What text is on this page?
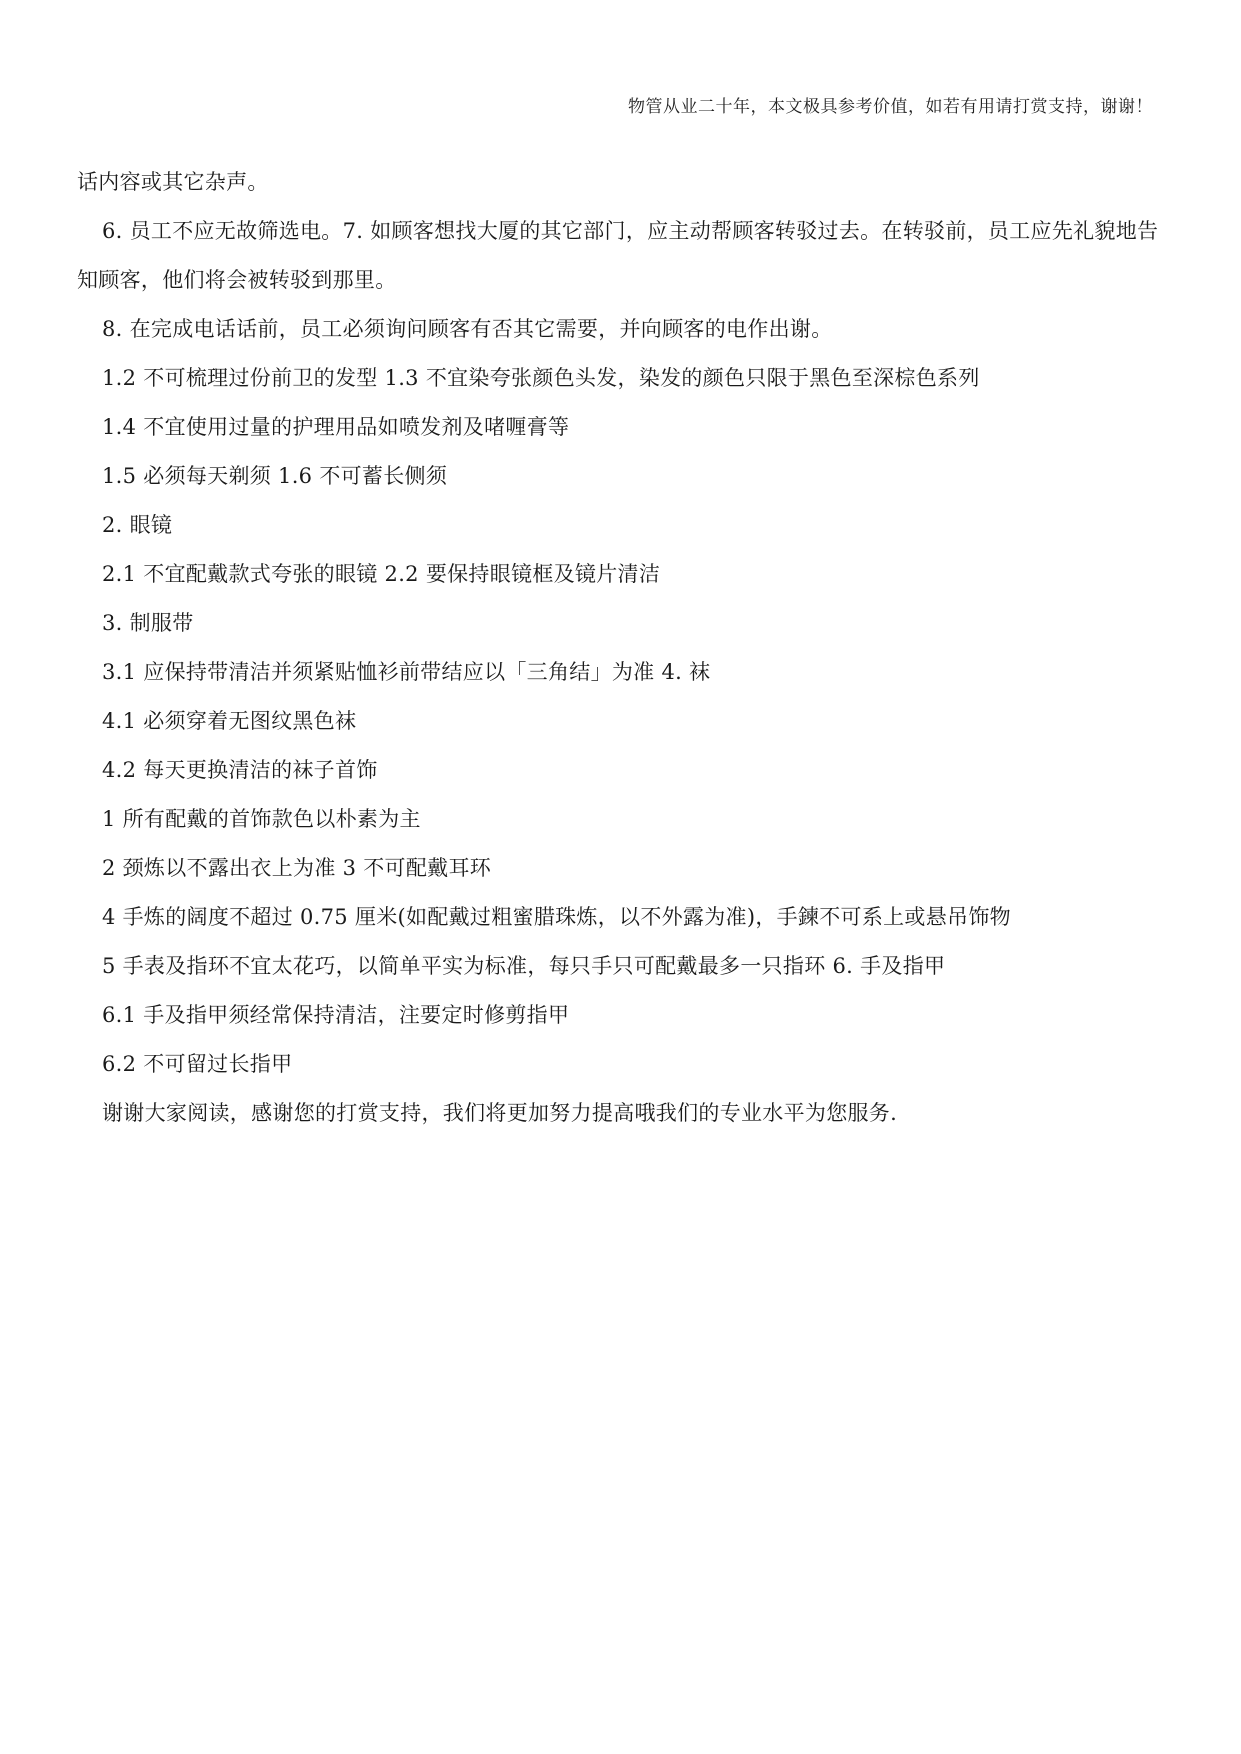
物管从业二十年，本文极具参考价值，如若有用请打赏支持，谢谢！

话内容或其它杂声。

6. 员工不应无故筛选电。7. 如顾客想找大厦的其它部门，应主动帮顾客转驳过去。在转驳前，员工应先礼貌地告知顾客，他们将会被转驳到那里。

8. 在完成电话话前，员工必须询问顾客有否其它需要，并向顾客的电作出谢。

1.2 不可梳理过份前卫的发型 1.3 不宜染夸张颜色头发，染发的颜色只限于黑色至深棕色系列

1.4 不宜使用过量的护理用品如喷发剂及啫喱膏等

1.5 必须每天剃须 1.6 不可蓄长侧须

2. 眼镜

2.1 不宜配戴款式夸张的眼镜 2.2 要保持眼镜框及镜片清洁

3. 制服带

3.1 应保持带清洁并须紧贴恤衫前带结应以「三角结」为准 4. 袜

4.1 必须穿着无图纹黑色袜

4.2 每天更换清洁的袜子首饰

1 所有配戴的首饰款色以朴素为主

2 颈炼以不露出衣上为准 3 不可配戴耳环

4 手炼的阔度不超过 0.75 厘米(如配戴过粗蜜腊珠炼，以不外露为准)，手鍊不可系上或悬吊饰物

5 手表及指环不宜太花巧，以简单平实为标准，每只手只可配戴最多一只指环 6. 手及指甲

6.1 手及指甲须经常保持清洁，注要定时修剪指甲

6.2 不可留过长指甲

谢谢大家阅读，感谢您的打赏支持，我们将更加努力提高哦我们的专业水平为您服务.
